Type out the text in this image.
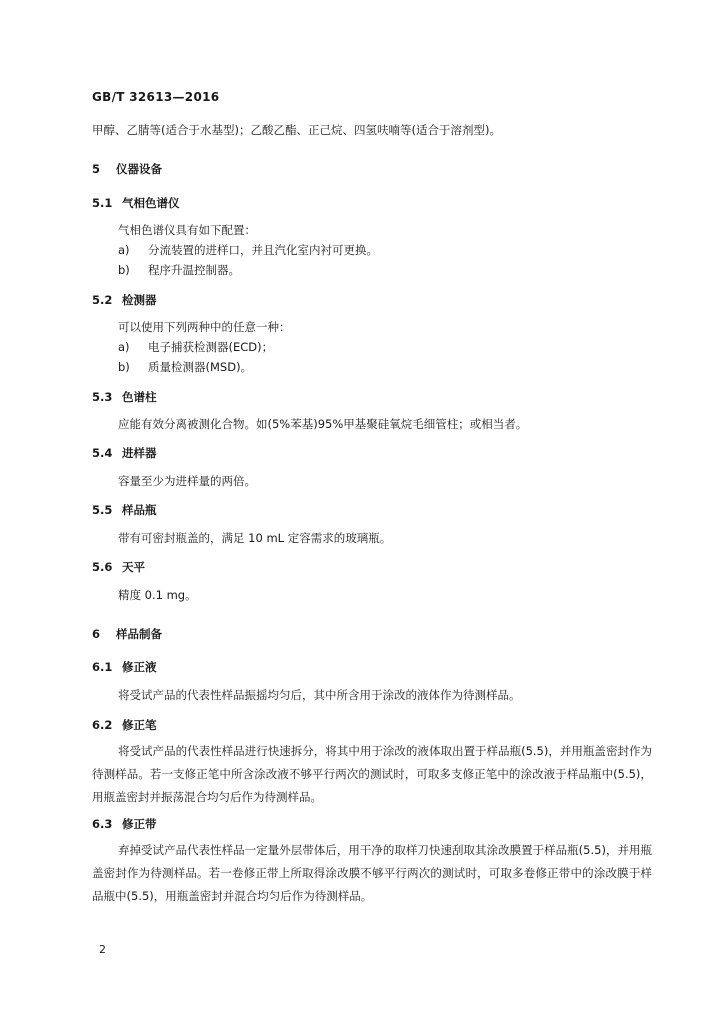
GB/T 32613—2016
甲醇、乙腈等(适合于水基型)；乙酸乙酯、正己烷、四氢呋喃等(适合于溶剂型)。
5 仪器设备
5.1 气相色谱仪
气相色谱仪具有如下配置：
a) 分流装置的进样口，并且汽化室内衬可更换。
b) 程序升温控制器。
5.2 检测器
可以使用下列两种中的任意一种：
a) 电子捕获检测器(ECD)；
b) 质量检测器(MSD)。
5.3 色谱柱
应能有效分离被测化合物。如(5%苯基)95%甲基聚硅氧烷毛细管柱；或相当者。
5.4 进样器
容量至少为进样量的两倍。
5.5 样品瓶
带有可密封瓶盖的，满足 10 mL 定容需求的玻璃瓶。
5.6 天平
精度 0.1 mg。
6 样品制备
6.1 修正液
将受试产品的代表性样品振摇均匀后，其中所含用于涂改的液体作为待测样品。
6.2 修正笔
将受试产品的代表性样品进行快速拆分，将其中用于涂改的液体取出置于样品瓶(5.5)，并用瓶盖密封作为待测样品。若一支修正笔中所含涂改液不够平行两次的测试时，可取多支修正笔中的涂改液于样品瓶中(5.5)，用瓶盖密封并振荡混合均匀后作为待测样品。
6.3 修正带
弃掉受试产品代表性样品一定量外层带体后，用干净的取样刀快速刮取其涂改膜置于样品瓶(5.5)，并用瓶盖密封作为待测样品。若一卷修正带上所取得涂改膜不够平行两次的测试时，可取多卷修正带中的涂改膜于样品瓶中(5.5)，用瓶盖密封并混合均匀后作为待测样品。
2
